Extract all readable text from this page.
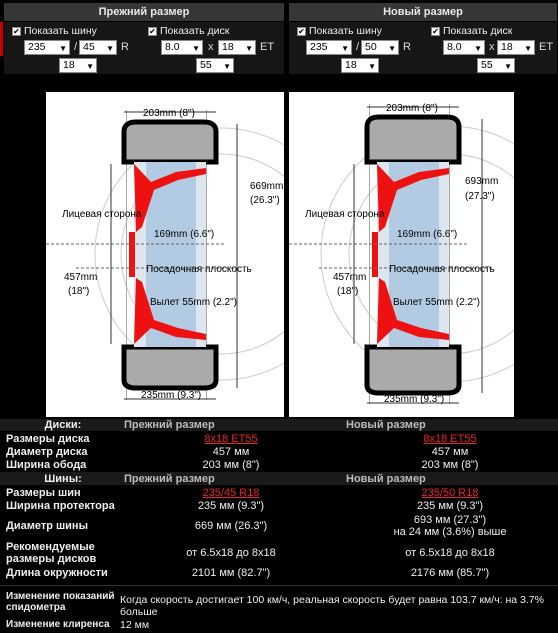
Прежний размер	Новый размер
✔ Показать шину	✔ Показать диск
235 ▼ / 45 ▼ R
18 ▼
8.0 ▼ x 18 ▼ ET
55 ▼
✔ Показать шину	✔ Показать диск
235 ▼ / 50 ▼ R
18 ▼
8.0 ▼ x 18 ▼ ET
55 ▼
203mm (8")
669mm
(26.3")
Лицевая сторона
169mm (6.6")
457mm
(18")
Посадочная плоскость
Вылет 55mm (2.2")
235mm (9.3")
203mm (8")
693mm
(27.3")
Лицевая сторона
169mm (6.6")
457mm
(18")
Посадочная плоскость
Вылет 55mm (2.2")
235mm (9.3")
Диски:	Прежний размер	Новый размер
Размеры диска	8x18 ET55	8x18 ET55
Диаметр диска	457 мм	457 мм
Ширина обода	203 мм (8")	203 мм (8")
Шины:	Прежний размер	Новый размер
Размеры шин	235/45 R18	235/50 R18
Ширина протектора	235 мм (9.3")	235 мм (9.3")
Диаметр шины	669 мм (26.3")	693 мм (27.3")
на 24 мм (3.6%) выше
Рекомендуемые размеры дисков	от 6.5x18 до 8x18	от 6.5x18 до 8x18
Длина окружности	2101 мм (82.7")	2176 мм (85.7")
Изменение показаний спидометра
Когда скорость достигает 100 км/ч, реальная скорость будет равна 103.7 км/ч: на 3.7% больше
Изменение клиренса 12 мм
